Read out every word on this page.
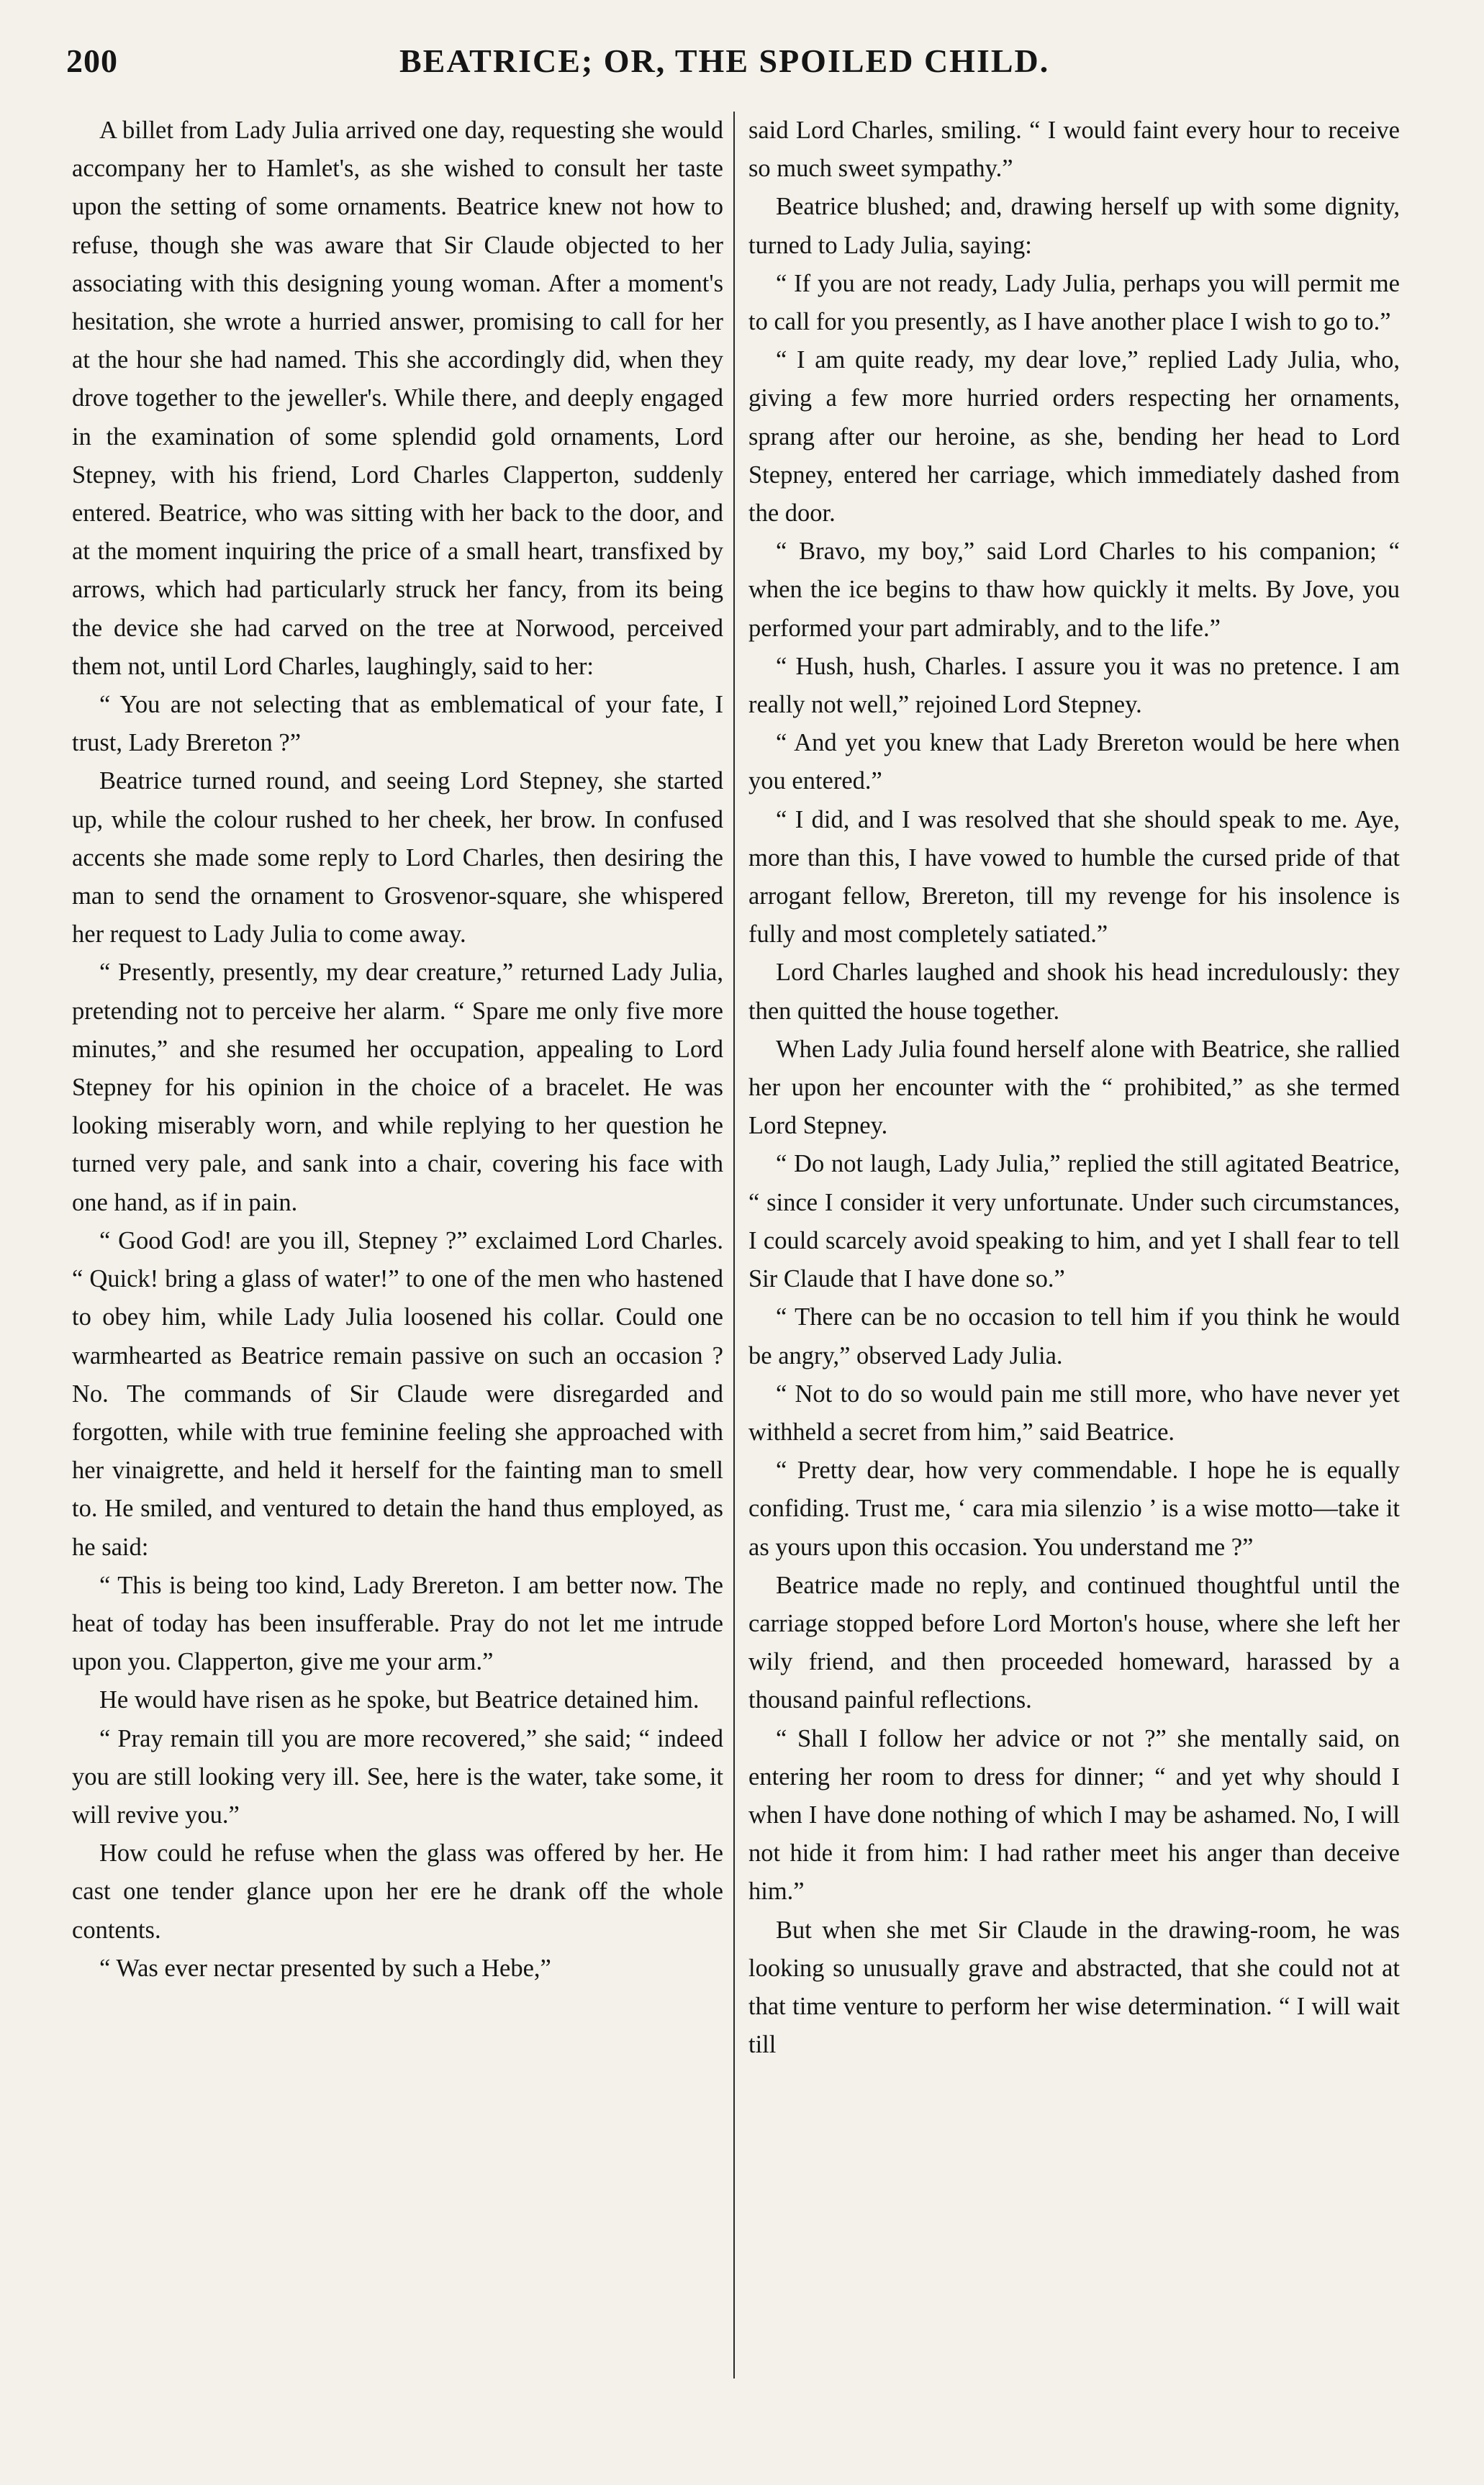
200	BEATRICE; OR, THE SPOILED CHILD.

A billet from Lady Julia arrived one day, requesting she would accompany her to Hamlet's, as she wished to consult her taste upon the setting of some ornaments. Beatrice knew not how to refuse, though she was aware that Sir Claude objected to her associating with this designing young woman. After a moment's hesitation, she wrote a hurried answer, promising to call for her at the hour she had named. This she accordingly did, when they drove together to the jeweller's. While there, and deeply engaged in the examination of some splendid gold ornaments, Lord Stepney, with his friend, Lord Charles Clapperton, suddenly entered. Beatrice, who was sitting with her back to the door, and at the moment inquiring the price of a small heart, transfixed by arrows, which had particularly struck her fancy, from its being the device she had carved on the tree at Norwood, perceived them not, until Lord Charles, laughingly, said to her:

“ You are not selecting that as emblematical of your fate, I trust, Lady Brereton ?”

Beatrice turned round, and seeing Lord Stepney, she started up, while the colour rushed to her cheek, her brow. In confused accents she made some reply to Lord Charles, then desiring the man to send the ornament to Grosvenor-square, she whispered her request to Lady Julia to come away.

“ Presently, presently, my dear creature,” returned Lady Julia, pretending not to perceive her alarm. “ Spare me only five more minutes,” and she resumed her occupation, appealing to Lord Stepney for his opinion in the choice of a bracelet. He was looking miserably worn, and while replying to her question he turned very pale, and sank into a chair, covering his face with one hand, as if in pain.

“ Good God! are you ill, Stepney ?” exclaimed Lord Charles. “ Quick! bring a glass of water!” to one of the men who hastened to obey him, while Lady Julia loosened his collar. Could one warmhearted as Beatrice remain passive on such an occasion ? No. The commands of Sir Claude were disregarded and forgotten, while with true feminine feeling she approached with her vinaigrette, and held it herself for the fainting man to smell to. He smiled, and ventured to detain the hand thus employed, as he said:

“ This is being too kind, Lady Brereton. I am better now. The heat of today has been insufferable. Pray do not let me intrude upon you. Clapperton, give me your arm.”

He would have risen as he spoke, but Beatrice detained him.

“ Pray remain till you are more recovered,” she said; “ indeed you are still looking very ill. See, here is the water, take some, it will revive you.”

How could he refuse when the glass was offered by her. He cast one tender glance upon her ere he drank off the whole contents.

“ Was ever nectar presented by such a Hebe,”

said Lord Charles, smiling. “ I would faint every hour to receive so much sweet sympathy.”

Beatrice blushed; and, drawing herself up with some dignity, turned to Lady Julia, saying:

“ If you are not ready, Lady Julia, perhaps you will permit me to call for you presently, as I have another place I wish to go to.”

“ I am quite ready, my dear love,” replied Lady Julia, who, giving a few more hurried orders respecting her ornaments, sprang after our heroine, as she, bending her head to Lord Stepney, entered her carriage, which immediately dashed from the door.

“ Bravo, my boy,” said Lord Charles to his companion; “ when the ice begins to thaw how quickly it melts. By Jove, you performed your part admirably, and to the life.”

“ Hush, hush, Charles. I assure you it was no pretence. I am really not well,” rejoined Lord Stepney.

“ And yet you knew that Lady Brereton would be here when you entered.”

“ I did, and I was resolved that she should speak to me. Aye, more than this, I have vowed to humble the cursed pride of that arrogant fellow, Brereton, till my revenge for his insolence is fully and most completely satiated.”

Lord Charles laughed and shook his head incredulously: they then quitted the house together.

When Lady Julia found herself alone with Beatrice, she rallied her upon her encounter with the “ prohibited,” as she termed Lord Stepney.

“ Do not laugh, Lady Julia,” replied the still agitated Beatrice, “ since I consider it very unfortunate. Under such circumstances, I could scarcely avoid speaking to him, and yet I shall fear to tell Sir Claude that I have done so.”

“ There can be no occasion to tell him if you think he would be angry,” observed Lady Julia.

“ Not to do so would pain me still more, who have never yet withheld a secret from him,” said Beatrice.

“ Pretty dear, how very commendable. I hope he is equally confiding. Trust me, ‘ cara mia silenzio ’ is a wise motto—take it as yours upon this occasion. You understand me ?”

Beatrice made no reply, and continued thoughtful until the carriage stopped before Lord Morton's house, where she left her wily friend, and then proceeded homeward, harassed by a thousand painful reflections.

“ Shall I follow her advice or not ?” she mentally said, on entering her room to dress for dinner; “ and yet why should I when I have done nothing of which I may be ashamed. No, I will not hide it from him: I had rather meet his anger than deceive him.”

But when she met Sir Claude in the drawing-room, he was looking so unusually grave and abstracted, that she could not at that time venture to perform her wise determination. “ I will wait till
